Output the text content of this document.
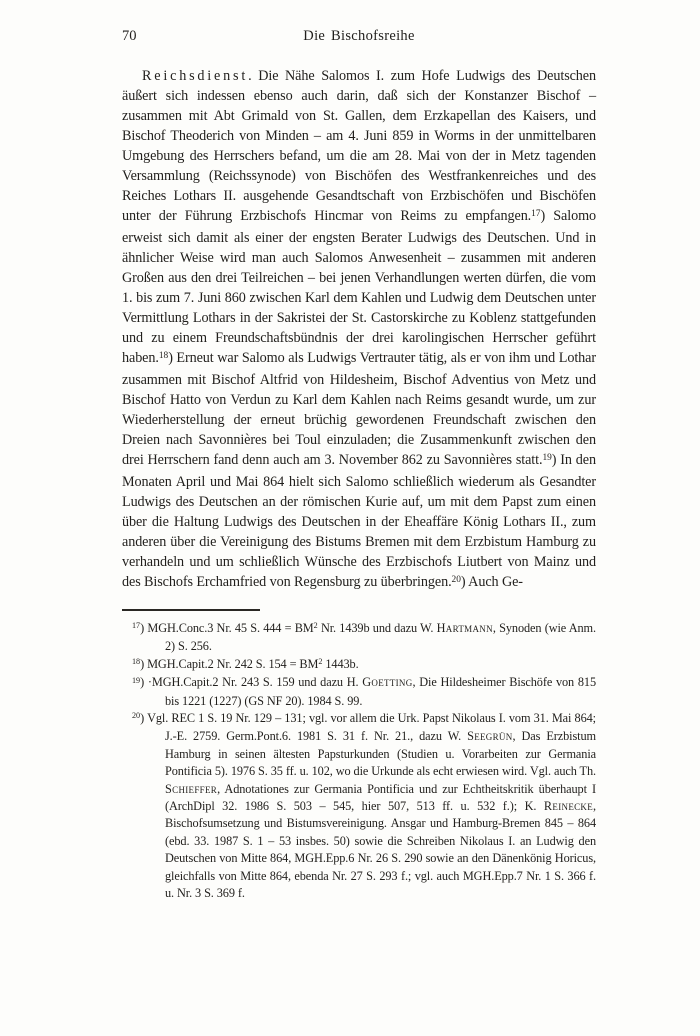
70	Die Bischofsreihe

Reichsdienst. Die Nähe Salomos I. zum Hofe Ludwigs des Deutschen äußert sich indessen ebenso auch darin, daß sich der Konstanzer Bischof – zusammen mit Abt Grimald von St. Gallen, dem Erzkapellan des Kaisers, und Bischof Theoderich von Minden – am 4. Juni 859 in Worms in der unmittelbaren Umgebung des Herrschers befand, um die am 28. Mai von der in Metz tagenden Versammlung (Reichssynode) von Bischöfen des Westfrankenreiches und des Reiches Lothars II. ausgehende Gesandtschaft von Erzbischöfen und Bischöfen unter der Führung Erzbischofs Hincmar von Reims zu empfangen.$^{17}$) Salomo erweist sich damit als einer der engsten Berater Ludwigs des Deutschen. Und in ähnlicher Weise wird man auch Salomos Anwesenheit – zusammen mit anderen Großen aus den drei Teilreichen – bei jenen Verhandlungen werten dürfen, die vom 1. bis zum 7. Juni 860 zwischen Karl dem Kahlen und Ludwig dem Deutschen unter Vermittlung Lothars in der Sakristei der St. Castorskirche zu Koblenz stattgefunden und zu einem Freundschaftsbündnis der drei karolingischen Herrscher geführt haben.$^{18}$) Erneut war Salomo als Ludwigs Vertrauter tätig, als er von ihm und Lothar zusammen mit Bischof Altfrid von Hildesheim, Bischof Adventius von Metz und Bischof Hatto von Verdun zu Karl dem Kahlen nach Reims gesandt wurde, um zur Wiederherstellung der erneut brüchig gewordenen Freundschaft zwischen den Dreien nach Savonnières bei Toul einzuladen; die Zusammenkunft zwischen den drei Herrschern fand denn auch am 3. November 862 zu Savonnières statt.$^{19}$) In den Monaten April und Mai 864 hielt sich Salomo schließlich wiederum als Gesandter Ludwigs des Deutschen an der römischen Kurie auf, um mit dem Papst zum einen über die Haltung Ludwigs des Deutschen in der Eheaffäre König Lothars II., zum anderen über die Vereinigung des Bistums Bremen mit dem Erzbistum Hamburg zu verhandeln und um schließlich Wünsche des Erzbischofs Liutbert von Mainz und des Bischofs Erchamfried von Regensburg zu überbringen.$^{20}$) Auch Ge-

$^{17}$) MGH.Conc.3 Nr. 45 S. $444 = BM^2$ Nr. 1439b und dazu W. Hartmann, Synoden (wie Anm. 2) S. 256.
$^{18}$) MGH.Capit.2 Nr. 242 S. $154 = BM^2$ 1443b.
$^{19}$) ·MGH.Capit.2 Nr. 243 S. 159 und dazu H. Goetting, Die Hildesheimer Bischöfe von 815 bis 1221 (1227) (GS NF 20). 1984 S. 99.
$^{20}$) Vgl. REC 1 S. 19 Nr. 129 – 131; vgl. vor allem die Urk. Papst Nikolaus I. vom 31. Mai 864; J.-E. 2759. Germ.Pont.6. 1981 S. 31 f. Nr. 21., dazu W. Seegrün, Das Erzbistum Hamburg in seinen ältesten Papsturkunden (Studien u. Vorarbeiten zur Germania Pontificia 5). 1976 S. 35 ff. u. 102, wo die Urkunde als echt erwiesen wird. Vgl. auch Th. Schieffer, Adnotationes zur Germania Pontificia und zur Echtheitskritik überhaupt I (ArchDipl 32. 1986 S. 503 – 545, hier 507, 513 ff. u. 532 f.); K. Reinecke, Bischofsumsetzung und Bistumsvereinigung. Ansgar und Hamburg-Bremen 845 – 864 (ebd. 33. 1987 S. 1 – 53 insbes. 50) sowie die Schreiben Nikolaus I. an Ludwig den Deutschen von Mitte 864, MGH.Epp.6 Nr. 26 S. 290 sowie an den Dänenkönig Horicus, gleichfalls von Mitte 864, ebenda Nr. 27 S. 293 f.; vgl. auch MGH.Epp.7 Nr. 1 S. 366 f. u. Nr. 3 S. 369 f.
